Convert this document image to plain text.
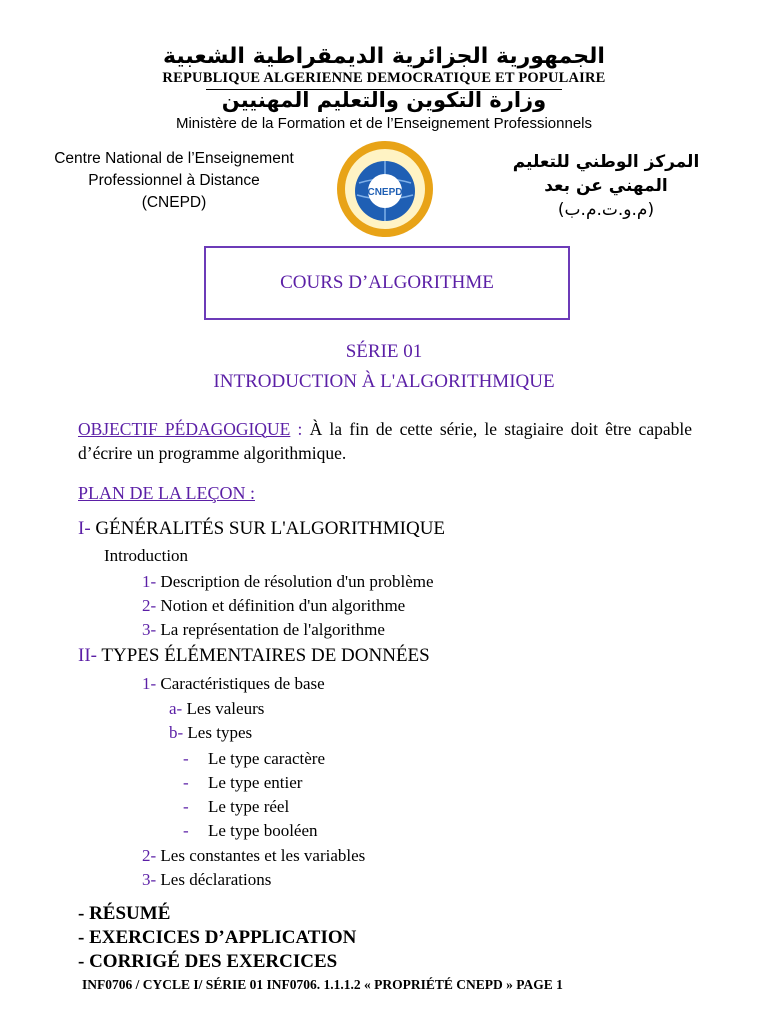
الجمهورية الجزائرية الديمقراطية الشعبية
REPUBLIQUE ALGERIENNE DEMOCRATIQUE ET POPULAIRE
وزارة التكوين والتعليم المهنيين
Ministère de la Formation et de l’Enseignement Professionnels
Centre National de l’Enseignement
Professionnel à Distance
(CNEPD)
CNEPD
المركز الوطني للتعليم
المهني عن بعد
(م.و.ت.م.ب)
COURS D’ALGORITHME
SÉRIE 01
INTRODUCTION À L'ALGORITHMIQUE
OBJECTIF PÉDAGOGIQUE : À la fin de cette série, le stagiaire doit être capable d’écrire un programme algorithmique.
PLAN DE LA LEÇON :
I- GÉNÉRALITÉS SUR L'ALGORITHMIQUE
Introduction
1- Description de résolution d'un problème
2- Notion et définition d'un algorithme
3- La représentation de l'algorithme
II- TYPES ÉLÉMENTAIRES DE DONNÉES
1- Caractéristiques de base
a- Les valeurs
b- Les types
- Le type caractère
- Le type entier
- Le type réel
- Le type booléen
2- Les constantes et les variables
3- Les déclarations
- RÉSUMÉ
- EXERCICES D’APPLICATION
- CORRIGÉ DES EXERCICES
INF0706 / CYCLE I/ SÉRIE 01 INF0706. 1.1.1.2 « PROPRIÉTÉ CNEPD » PAGE 1
